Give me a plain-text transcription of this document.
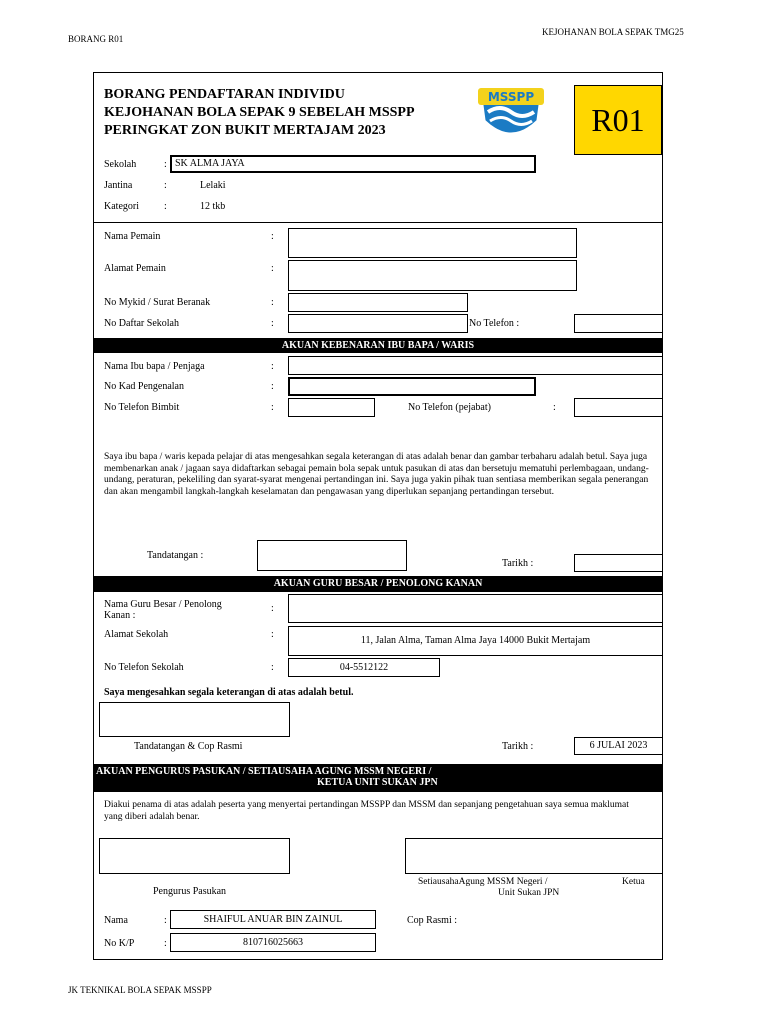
BORANG R01
KEJOHANAN BOLA SEPAK TMG25
BORANG PENDAFTARAN INDIVIDU
KEJOHANAN BOLA SEPAK 9 SEBELAH MSSPP
PERINGKAT ZON BUKIT MERTAJAM 2023
MSSPP
R01
Sekolah	: SK ALMA JAYA
Jantina	:	Lelaki
Kategori	:	12 tkb
Nama Pemain	:
Alamat Pemain	:
No Mykid / Surat Beranak	:
No Daftar Sekolah	:	No Telefon :
AKUAN KEBENARAN IBU BAPA / WARIS
Nama Ibu bapa / Penjaga	:
No Kad Pengenalan	:
No Telefon Bimbit	:	No Telefon (pejabat)	:
Saya ibu bapa / waris kepada pelajar di atas mengesahkan segala keterangan di atas adalah benar dan gambar terbaharu adalah betul. Saya juga membenarkan anak / jagaan saya didaftarkan sebagai pemain bola sepak untuk pasukan di atas dan bersetuju mematuhi perlembagaan, undang-undang, peraturan, pekeliling dan syarat-syarat mengenai pertandingan ini. Saya juga yakin pihak tuan sentiasa memberikan segala penerangan dan akan mengambil langkah-langkah keselamatan dan pengawasan yang diperlukan sepanjang pertandingan tersebut.
Tandatangan :
Tarikh :
AKUAN GURU BESAR / PENOLONG KANAN
Nama Guru Besar / Penolong
Kanan :
:
Alamat Sekolah	:
11, Jalan Alma, Taman Alma Jaya 14000 Bukit Mertajam
No Telefon Sekolah	:	04-5512122
Saya mengesahkan segala keterangan di atas adalah betul.
Tandatangan & Cop Rasmi	Tarikh :	6 JULAI 2023
AKUAN PENGURUS PASUKAN / SETIAUSAHA AGUNG MSSM NEGERI /
KETUA UNIT SUKAN JPN
Diakui penama di atas adalah peserta yang menyertai pertandingan MSSPP dan MSSM dan sepanjang pengetahuan saya semua maklumat yang diberi adalah benar.
Pengurus Pasukan
SetiausahaAgung MSSM Negeri /	Ketua
Unit Sukan JPN
Nama	:	SHAIFUL ANUAR BIN ZAINUL	Cop Rasmi :
No K/P	:	810716025663
JK TEKNIKAL BOLA SEPAK MSSPP
